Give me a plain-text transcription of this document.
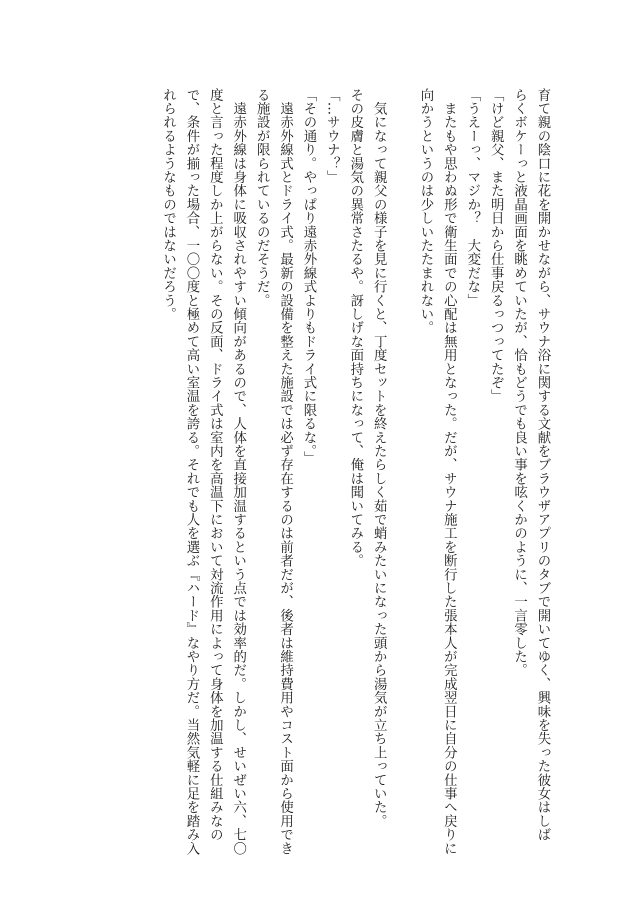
育て親の陰口に花を開かせながら、サウナ浴に関する文献をブラウザアプリのタブで開いてゆく、興味を失った彼女はしば
らくボケーっと液晶画面を眺めていたが、恰もどうでも良い事を呟くかのように、一言零した。
「けど親父、また明日から仕事戻るっつってたぞ」
「うえーっ、マジか？　大変だな」
　またもや思わぬ形で衛生面での心配は無用となった。だが、サウナ施工を断行した張本人が完成翌日に自分の仕事へ戻りに
向かうというのは少しいたたまれない。
　気になって親父の様子を見に行くと、丁度セットを終えたらしく茹で蛸みたいになった頭から湯気が立ち上っていた。
その皮膚と湯気の異常さたるや。訝しげな面持ちになって、俺は聞いてみる。
「…サウナ？」
「その通り。やっぱり遠赤外線式よりもドライ式に限るな。」
　遠赤外線式とドライ式。最新の設備を整えた施設では必ず存在するのは前者だが、後者は維持費用やコスト面から使用でき
る施設が限られているのだそうだ。
　遠赤外線は身体に吸収されやすい傾向があるので、人体を直接加温するという点では効率的だ。しかし、せいぜい六、七〇
度と言った程度しか上がらない。その反面、ドライ式は室内を高温下において対流作用によって身体を加温する仕組みなの
で、条件が揃った場合、一〇〇度と極めて高い室温を誇る。それでも人を選ぶ『ハード』なやり方だ。当然気軽に足を踏み入
れられるようなものではないだろう。
